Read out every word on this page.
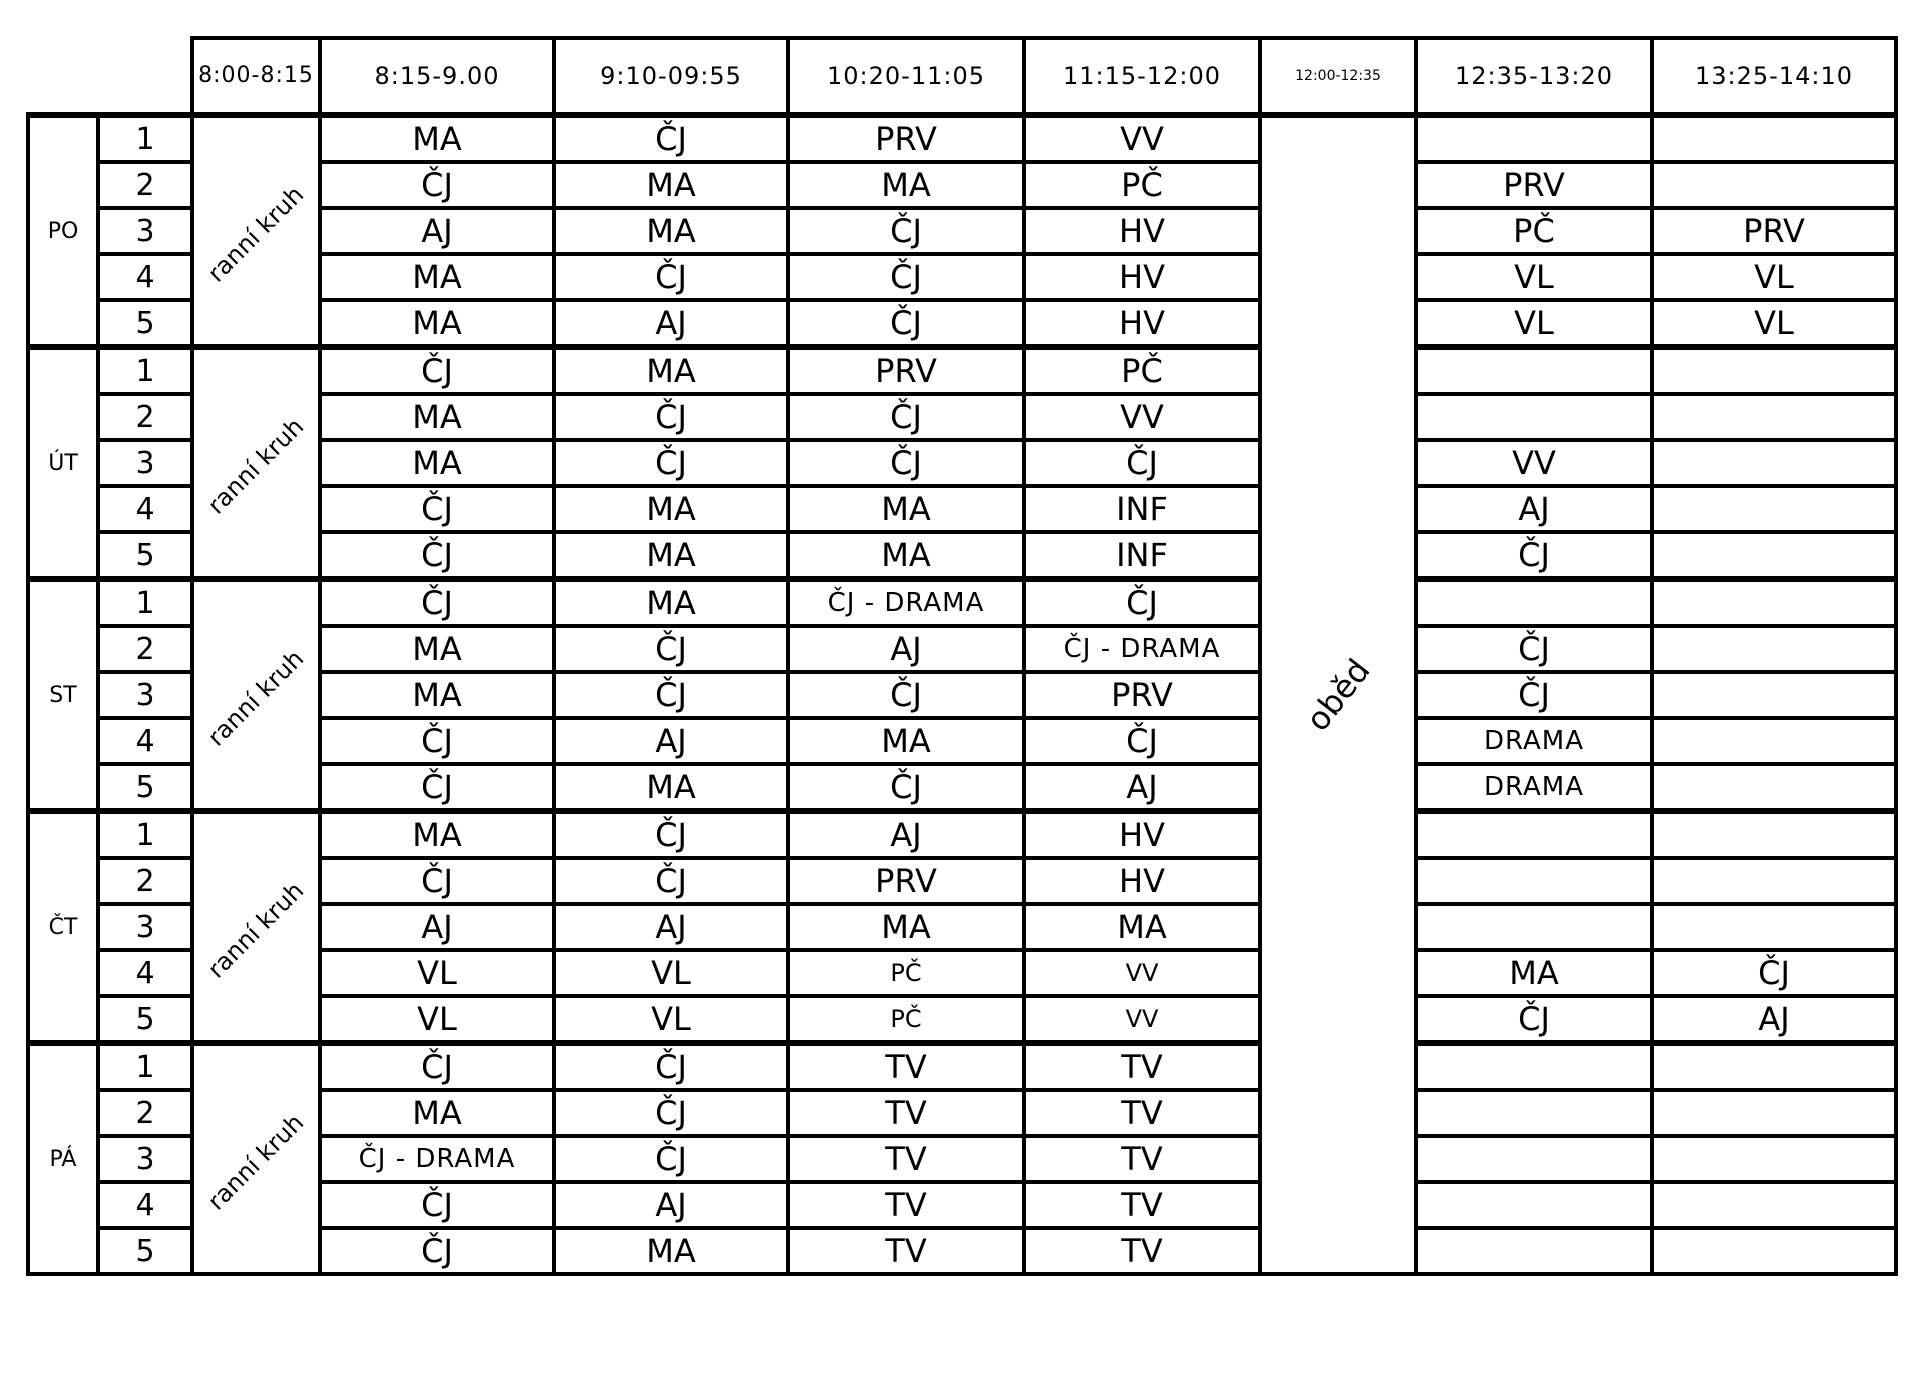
		8:00-8:15	8:15-9.00	9:10-09:55	10:20-11:05	11:15-12:00	12:00-12:35	12:35-13:20	13:25-14:10
PO	1	ranní kruh	MA	ČJ	PRV	VV	oběd		
	2		ČJ	MA	MA	PČ		PRV	
	3		AJ	MA	ČJ	HV		PČ	PRV
	4		MA	ČJ	ČJ	HV		VL	VL
	5		MA	AJ	ČJ	HV		VL	VL
ÚT	1	ranní kruh	ČJ	MA	PRV	PČ			
	2		MA	ČJ	ČJ	VV			
	3		MA	ČJ	ČJ	ČJ		VV	
	4		ČJ	MA	MA	INF		AJ	
	5		ČJ	MA	MA	INF		ČJ	
ST	1	ranní kruh	ČJ	MA	ČJ - DRAMA	ČJ			
	2		MA	ČJ	AJ	ČJ - DRAMA		ČJ	
	3		MA	ČJ	ČJ	PRV		ČJ	
	4		ČJ	AJ	MA	ČJ		DRAMA	
	5		ČJ	MA	ČJ	AJ		DRAMA	
ČT	1	ranní kruh	MA	ČJ	AJ	HV			
	2		ČJ	ČJ	PRV	HV			
	3		AJ	AJ	MA	MA			
	4		VL	VL	PČ	VV		MA	ČJ
	5		VL	VL	PČ	VV		ČJ	AJ
PÁ	1	ranní kruh	ČJ	ČJ	TV	TV			
	2		MA	ČJ	TV	TV			
	3		ČJ - DRAMA	ČJ	TV	TV			
	4		ČJ	AJ	TV	TV			
	5		ČJ	MA	TV	TV			
